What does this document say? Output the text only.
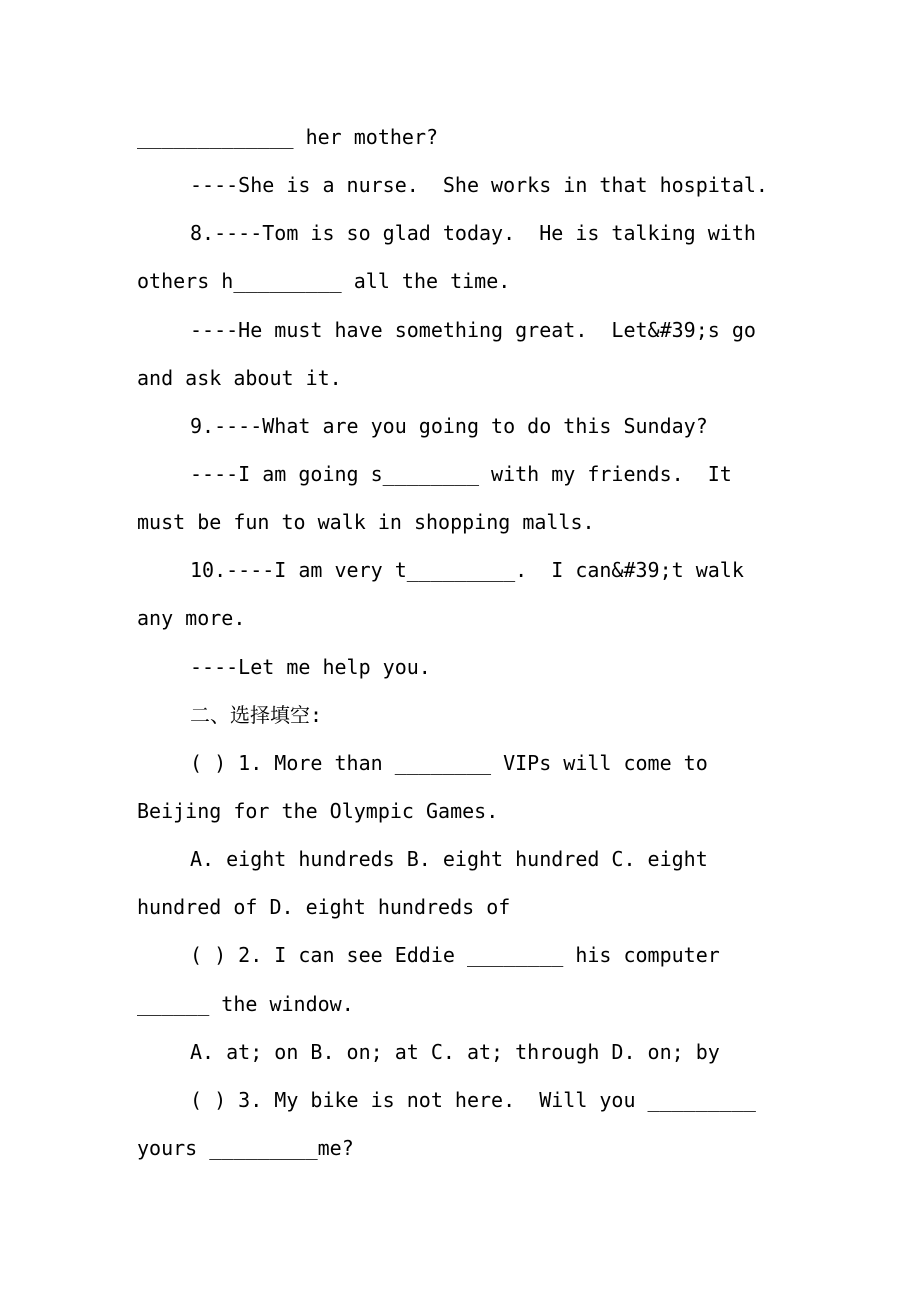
_____________ her mother?
----She is a nurse.  She works in that hospital.
8.----Tom is so glad today.  He is talking with
others h_________ all the time.
----He must have something great.  Let&#39;s go
and ask about it.
9.----What are you going to do this Sunday?
----I am going s________ with my friends.  It
must be fun to walk in shopping malls.
10.----I am very t_________.  I can&#39;t walk
any more.
----Let me help you.
二、选择填空:
( ) 1. More than ________ VIPs will come to
Beijing for the Olympic Games.
A. eight hundreds B. eight hundred C. eight
hundred of D. eight hundreds of
( ) 2. I can see Eddie ________ his computer
______ the window.
A. at; on B. on; at C. at; through D. on; by
( ) 3. My bike is not here.  Will you _________
yours _________me?
